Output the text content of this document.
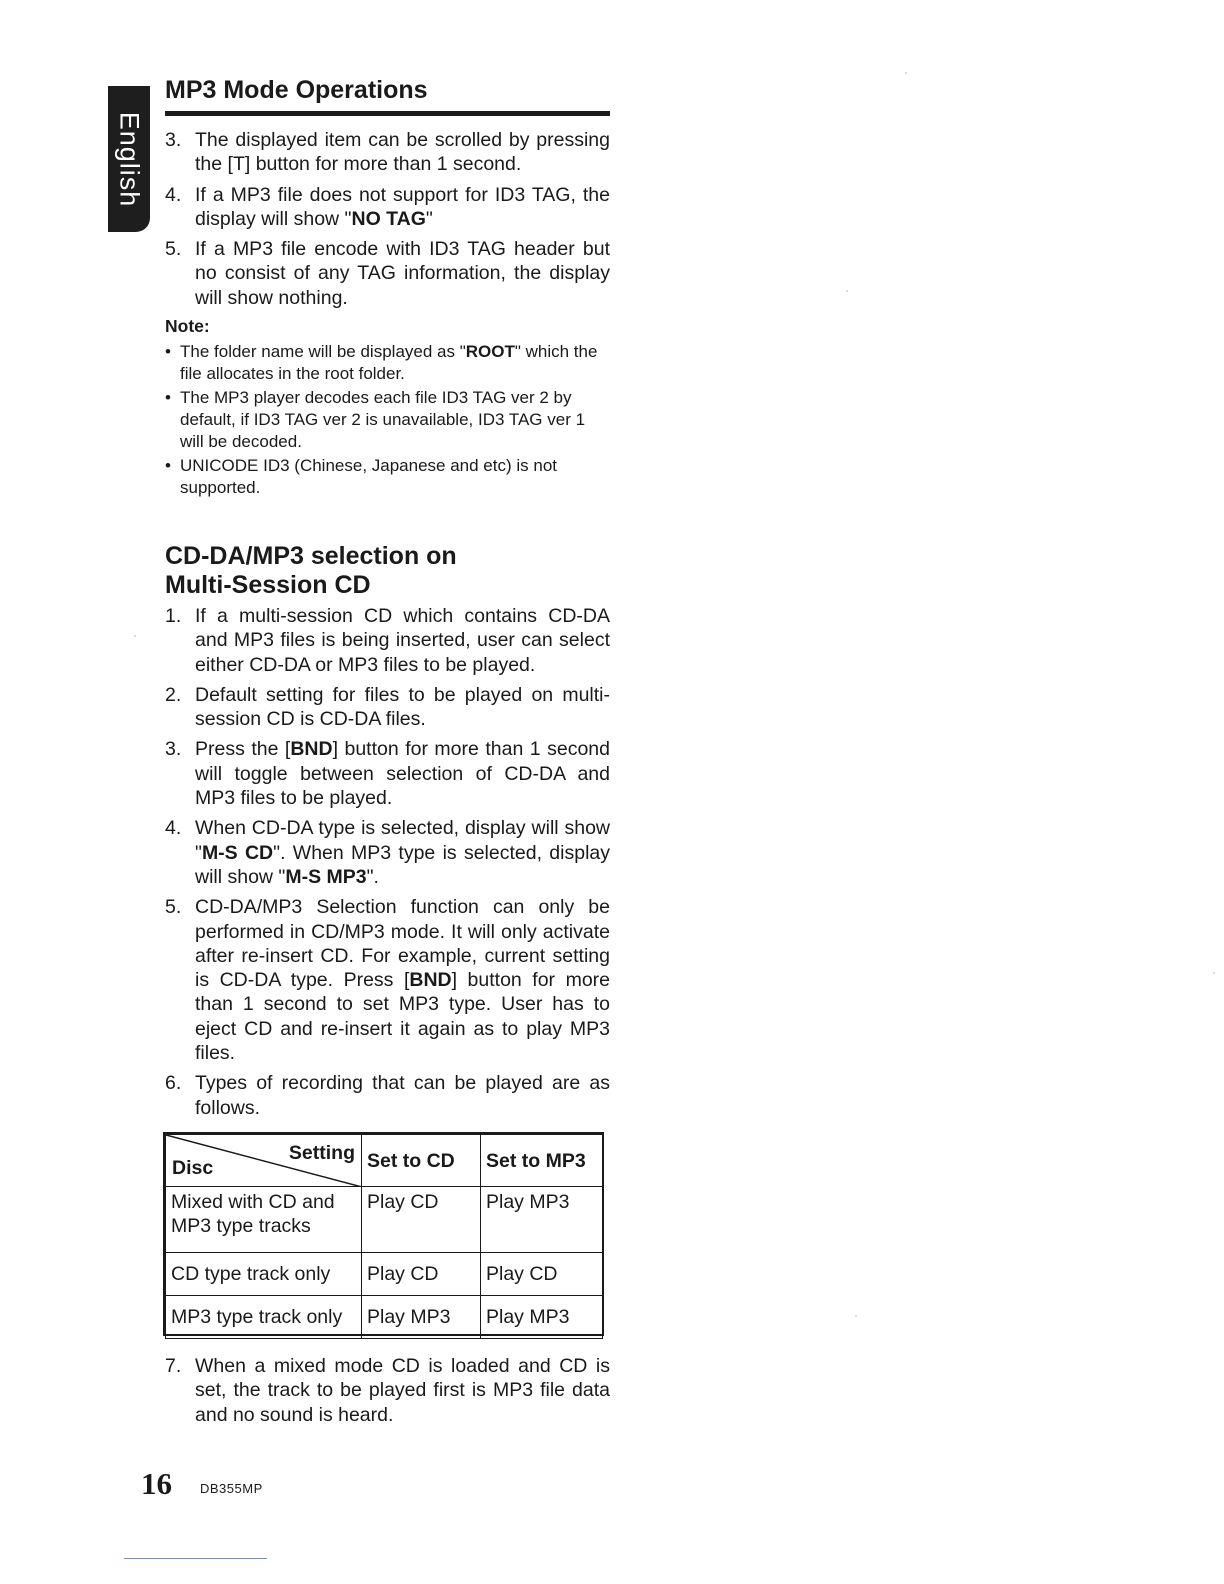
English
MP3 Mode Operations
3. The displayed item can be scrolled by pressing the [T] button for more than 1 second.
4. If a MP3 file does not support for ID3 TAG, the display will show "NO TAG"
5. If a MP3 file encode with ID3 TAG header but no consist of any TAG information, the display will show nothing.
Note:
• The folder name will be displayed as "ROOT" which the file allocates in the root folder.
• The MP3 player decodes each file ID3 TAG ver 2 by default, if ID3 TAG ver 2 is unavailable, ID3 TAG ver 1 will be decoded.
• UNICODE ID3 (Chinese, Japanese and etc) is not supported.
CD-DA/MP3 selection on
Multi-Session CD
1. If a multi-session CD which contains CD-DA and MP3 files is being inserted, user can select either CD-DA or MP3 files to be played.
2. Default setting for files to be played on multi-session CD is CD-DA files.
3. Press the [BND] button for more than 1 second will toggle between selection of CD-DA and MP3 files to be played.
4. When CD-DA type is selected, display will show "M-S CD". When MP3 type is selected, display will show "M-S MP3".
5. CD-DA/MP3 Selection function can only be performed in CD/MP3 mode. It will only activate after re-insert CD. For example, current setting is CD-DA type. Press [BND] button for more than 1 second to set MP3 type. User has to eject CD and re-insert it again as to play MP3 files.
6. Types of recording that can be played are as follows.
Setting
Disc	Set to CD	Set to MP3
Mixed with CD and MP3 type tracks	Play CD	Play MP3
CD type track only	Play CD	Play CD
MP3 type track only	Play MP3	Play MP3
7. When a mixed mode CD is loaded and CD is set, the track to be played first is MP3 file data and no sound is heard.
16 DB355MP
